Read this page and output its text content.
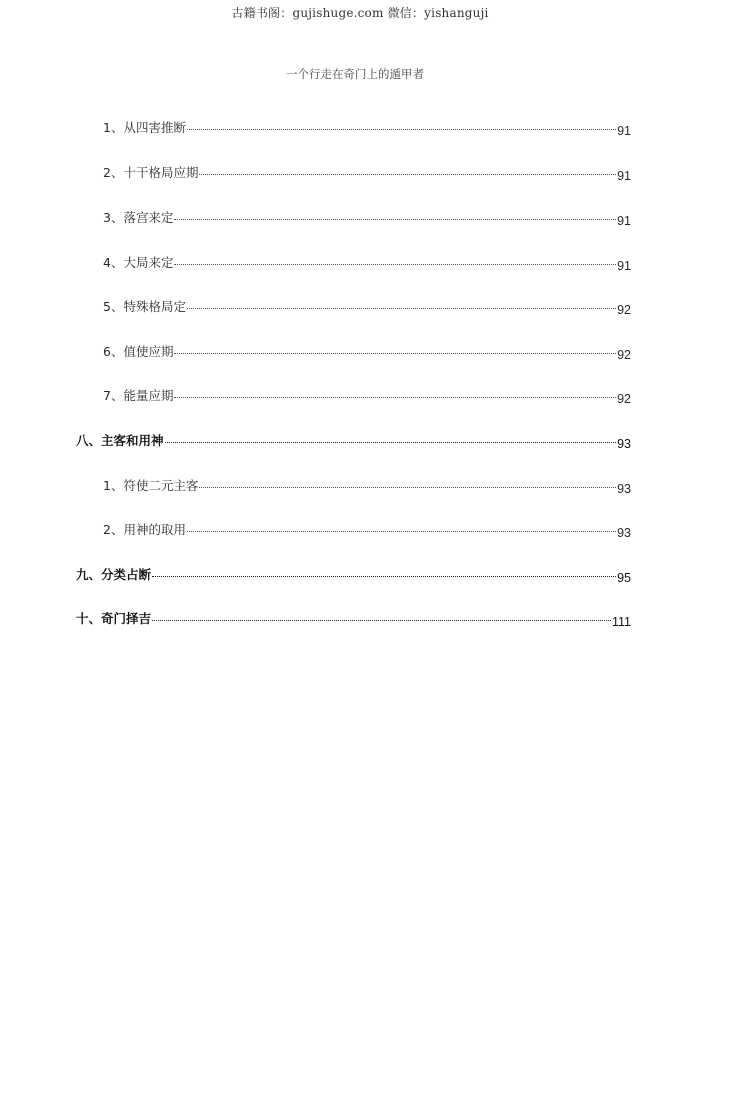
古籍书阁：gujishuge.com 微信：yishanguji
一个行走在奇门上的遁甲者
1、从四害推断	91
2、十干格局应期	91
3、落宫来定	91
4、大局来定	91
5、特殊格局定	92
6、值使应期	92
7、能量应期	92
八、主客和用神	93
1、符使二元主客	93
2、用神的取用	93
九、分类占断	95
十、奇门择吉	111
